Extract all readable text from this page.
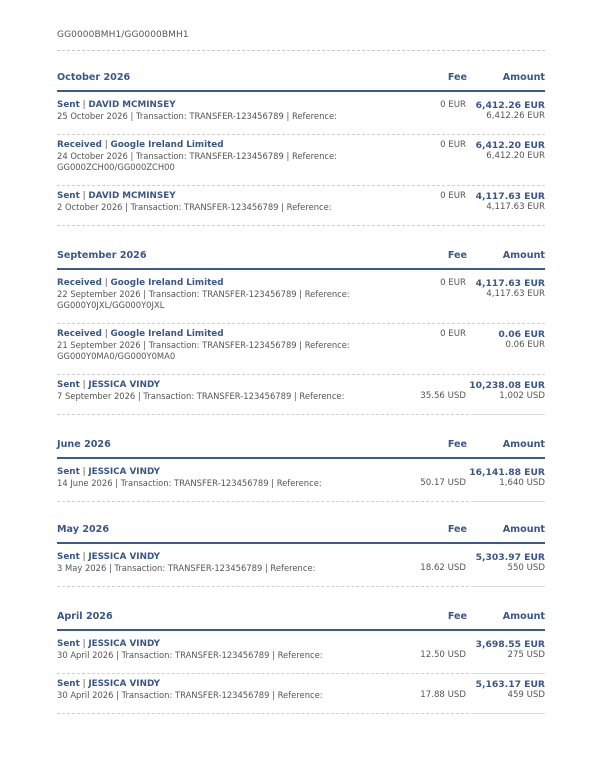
GG0000BMH1/GG0000BMH1
October 2026	Fee	Amount
Sent | DAVID MCMINSEY
25 October 2026 | Transaction: TRANSFER-123456789 | Reference:
0 EUR 6,412.26 EUR
6,412.26 EUR
Received | Google Ireland Limited
24 October 2026 | Transaction: TRANSFER-123456789 | Reference:
GG000ZCH00/GG000ZCH00
0 EUR 6,412.20 EUR
6,412.20 EUR
Sent | DAVID MCMINSEY
2 October 2026 | Transaction: TRANSFER-123456789 | Reference:
0 EUR 4,117.63 EUR
4,117.63 EUR
September 2026	Fee	Amount
Received | Google Ireland Limited
22 September 2026 | Transaction: TRANSFER-123456789 | Reference:
GG000Y0JXL/GG000Y0JXL
0 EUR 4,117.63 EUR
4,117.63 EUR
Received | Google Ireland Limited
21 September 2026 | Transaction: TRANSFER-123456789 | Reference:
GG000Y0MA0/GG000Y0MA0
0 EUR	0.06 EUR
0.06 EUR
Sent | JESSICA VINDY
7 September 2026 | Transaction: TRANSFER-123456789 | Reference:	35.56 USD
10,238.08 EUR
1,002 USD
June 2026	Fee	Amount
Sent | JESSICA VINDY
14 June 2026 | Transaction: TRANSFER-123456789 | Reference:	50.17 USD
16,141.88 EUR
1,640 USD
May 2026	Fee	Amount
Sent | JESSICA VINDY
3 May 2026 | Transaction: TRANSFER-123456789 | Reference:	18.62 USD
5,303.97 EUR
550 USD
April 2026	Fee	Amount
Sent | JESSICA VINDY
30 April 2026 | Transaction: TRANSFER-123456789 | Reference:	12.50 USD
3,698.55 EUR
275 USD
Sent | JESSICA VINDY
30 April 2026 | Transaction: TRANSFER-123456789 | Reference:	17.88 USD
5,163.17 EUR
459 USD
